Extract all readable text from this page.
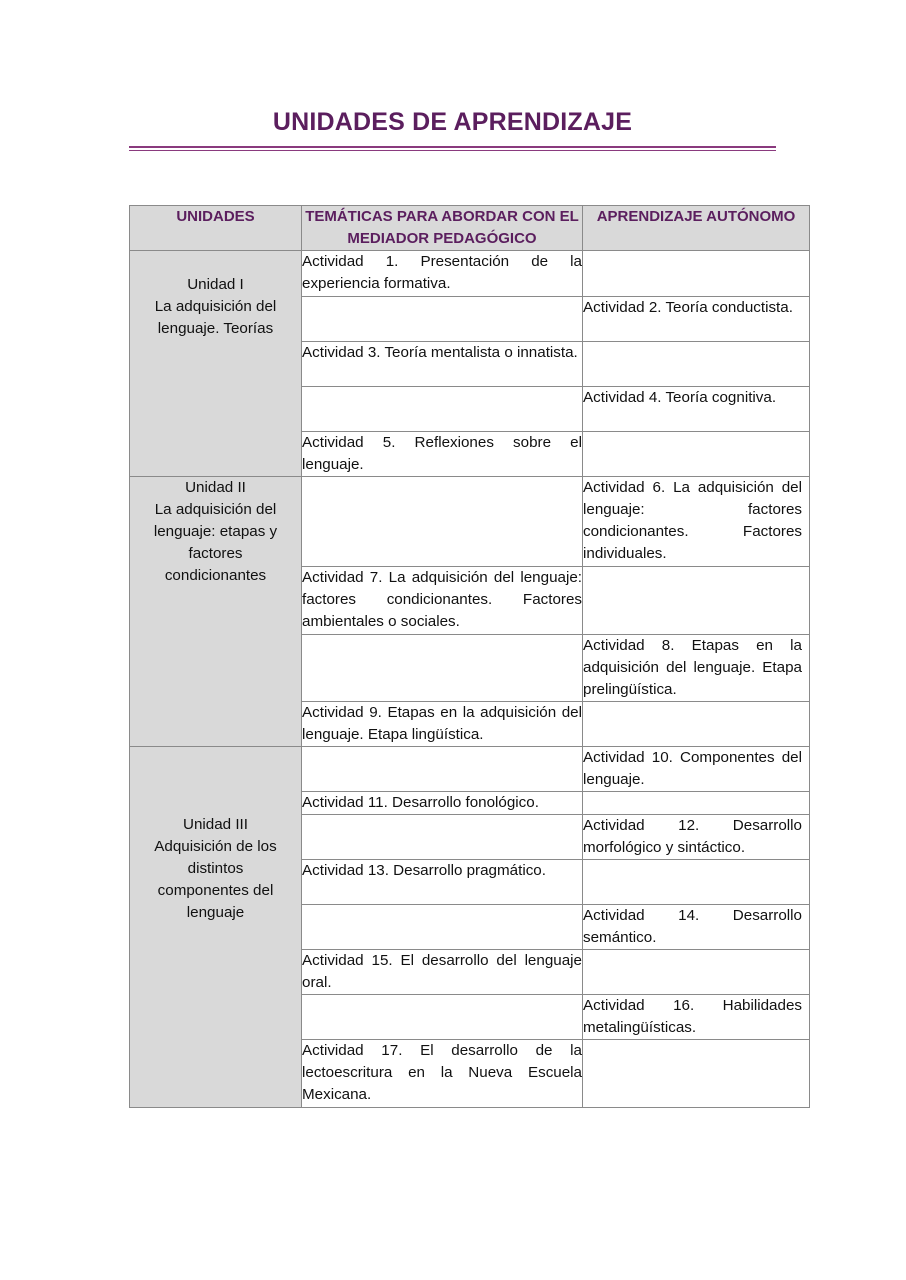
UNIDADES DE APRENDIZAJE
UNIDADES	TEMÁTICAS PARA ABORDAR CON EL MEDIADOR PEDAGÓGICO	APRENDIZAJE AUTÓNOMO

Unidad I
La adquisición del
lenguaje. Teorías	Actividad 1. Presentación de la experiencia formativa.	
		Actividad 2. Teoría conductista.
	Actividad 3. Teoría mentalista o innatista.	
		Actividad 4. Teoría cognitiva.
	Actividad 5. Reflexiones sobre el lenguaje.	

Unidad II
La adquisición del
lenguaje: etapas y
factores
condicionantes		Actividad 6. La adquisición del lenguaje: factores condicionantes. Factores individuales.
	Actividad 7. La adquisición del lenguaje: factores condicionantes. Factores ambientales o sociales.	
		Actividad 8. Etapas en la adquisición del lenguaje. Etapa prelingüística.
	Actividad 9. Etapas en la adquisición del lenguaje. Etapa lingüística.	

Unidad III
Adquisición de los
distintos
componentes del
lenguaje		Actividad 10. Componentes del lenguaje.
	Actividad 11. Desarrollo fonológico.	
		Actividad 12. Desarrollo morfológico y sintáctico.
	Actividad 13. Desarrollo pragmático.	
		Actividad 14. Desarrollo semántico.
	Actividad 15. El desarrollo del lenguaje oral.	
		Actividad 16. Habilidades metalingüísticas.
	Actividad 17. El desarrollo de la lectoescritura en la Nueva Escuela Mexicana.	
